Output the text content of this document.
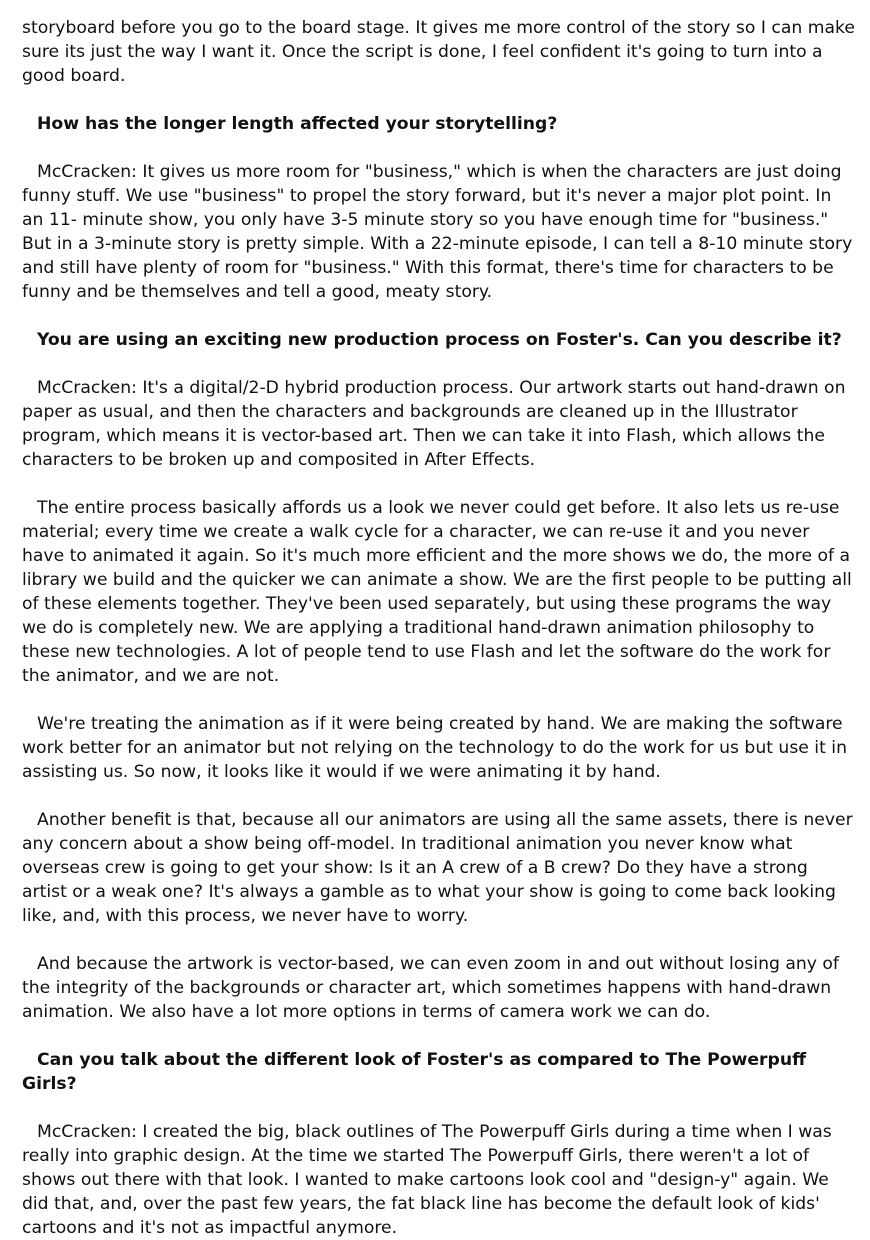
storyboard before you go to the board stage. It gives me more control of the story so I can make sure its just the way I want it. Once the script is done, I feel confident it's going to turn into a good board.

How has the longer length affected your storytelling?

McCracken: It gives us more room for "business," which is when the characters are just doing funny stuff. We use "business" to propel the story forward, but it's never a major plot point. In an 11- minute show, you only have 3-5 minute story so you have enough time for "business." But in a 3-minute story is pretty simple. With a 22-minute episode, I can tell a 8-10 minute story and still have plenty of room for "business." With this format, there's time for characters to be funny and be themselves and tell a good, meaty story.

You are using an exciting new production process on Foster's. Can you describe it?

McCracken: It's a digital/2-D hybrid production process. Our artwork starts out hand-drawn on paper as usual, and then the characters and backgrounds are cleaned up in the Illustrator program, which means it is vector-based art. Then we can take it into Flash, which allows the characters to be broken up and composited in After Effects.

The entire process basically affords us a look we never could get before. It also lets us re-use material; every time we create a walk cycle for a character, we can re-use it and you never have to animated it again. So it's much more efficient and the more shows we do, the more of a library we build and the quicker we can animate a show. We are the first people to be putting all of these elements together. They've been used separately, but using these programs the way we do is completely new. We are applying a traditional hand-drawn animation philosophy to these new technologies. A lot of people tend to use Flash and let the software do the work for the animator, and we are not.

We're treating the animation as if it were being created by hand. We are making the software work better for an animator but not relying on the technology to do the work for us but use it in assisting us. So now, it looks like it would if we were animating it by hand.

Another benefit is that, because all our animators are using all the same assets, there is never any concern about a show being off-model. In traditional animation you never know what overseas crew is going to get your show: Is it an A crew of a B crew? Do they have a strong artist or a weak one? It's always a gamble as to what your show is going to come back looking like, and, with this process, we never have to worry.

And because the artwork is vector-based, we can even zoom in and out without losing any of the integrity of the backgrounds or character art, which sometimes happens with hand-drawn animation. We also have a lot more options in terms of camera work we can do.

Can you talk about the different look of Foster's as compared to The Powerpuff Girls?

McCracken: I created the big, black outlines of The Powerpuff Girls during a time when I was really into graphic design. At the time we started The Powerpuff Girls, there weren't a lot of shows out there with that look. I wanted to make cartoons look cool and "design-y" again. We did that, and, over the past few years, the fat black line has become the default look of kids' cartoons and it's not as impactful anymore.
